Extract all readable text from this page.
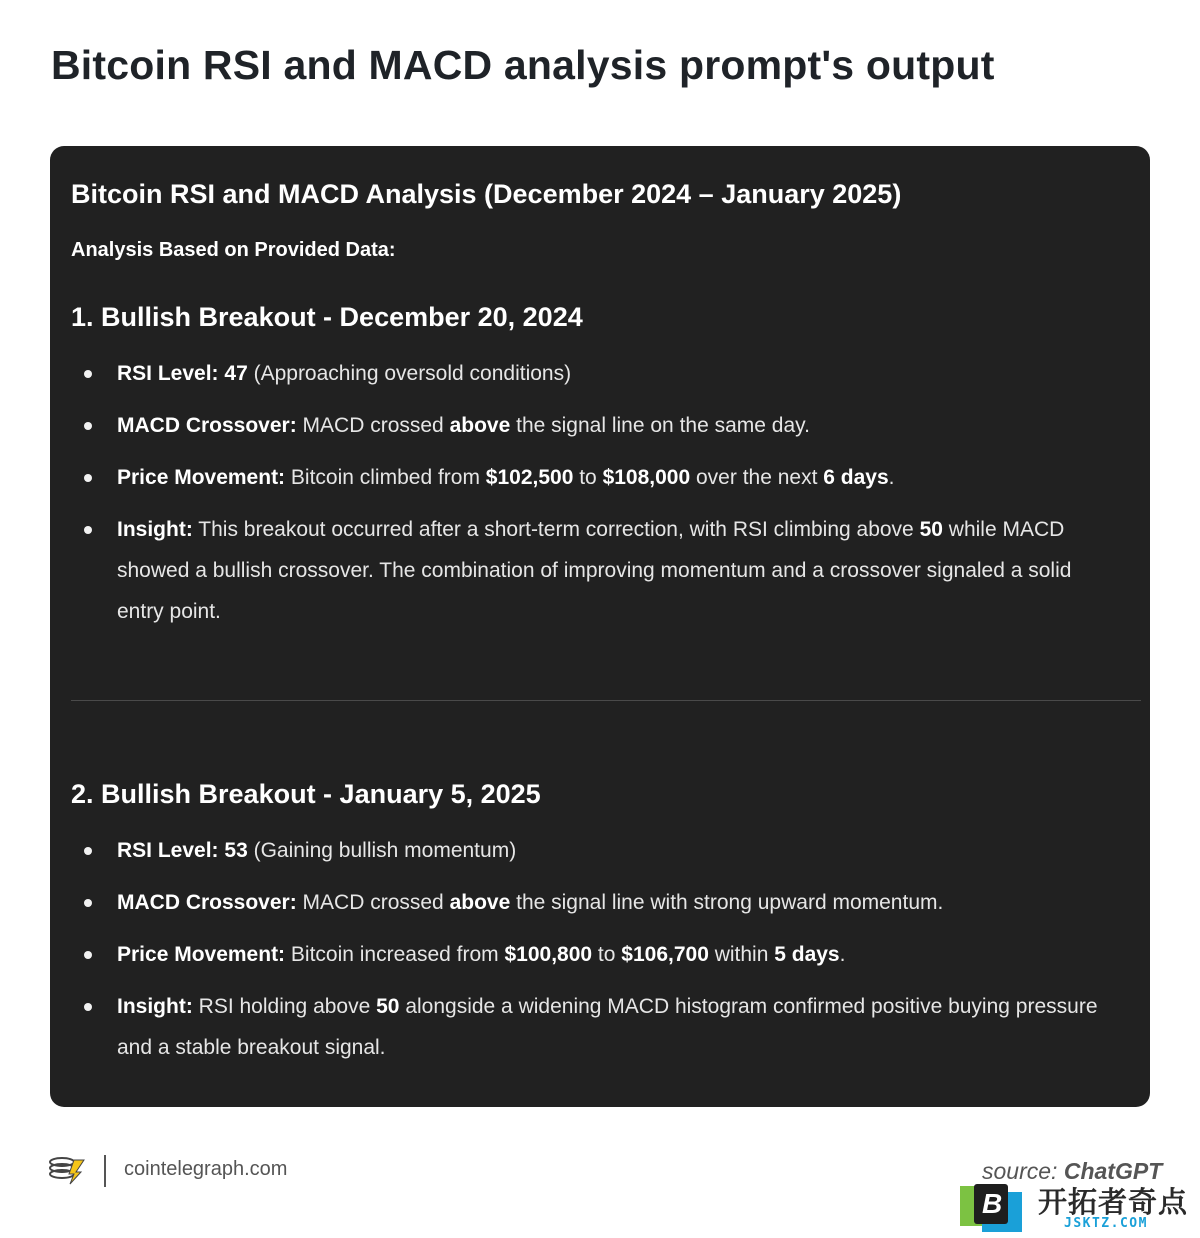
Bitcoin RSI and MACD analysis prompt's output
Bitcoin RSI and MACD Analysis (December 2024 – January 2025)

Analysis Based on Provided Data:

1. Bullish Breakout - December 20, 2024
RSI Level: 47 (Approaching oversold conditions)
MACD Crossover: MACD crossed above the signal line on the same day.
Price Movement: Bitcoin climbed from $102,500 to $108,000 over the next 6 days.
Insight: This breakout occurred after a short-term correction, with RSI climbing above 50 while MACD showed a bullish crossover. The combination of improving momentum and a crossover signaled a solid entry point.
2. Bullish Breakout - January 5, 2025
RSI Level: 53 (Gaining bullish momentum)
MACD Crossover: MACD crossed above the signal line with strong upward momentum.
Price Movement: Bitcoin increased from $100,800 to $106,700 within 5 days.
Insight: RSI holding above 50 alongside a widening MACD histogram confirmed positive buying pressure and a stable breakout signal.
cointelegraph.com	source: ChatGPT
B 开拓者奇点
JSKTZ.COM
